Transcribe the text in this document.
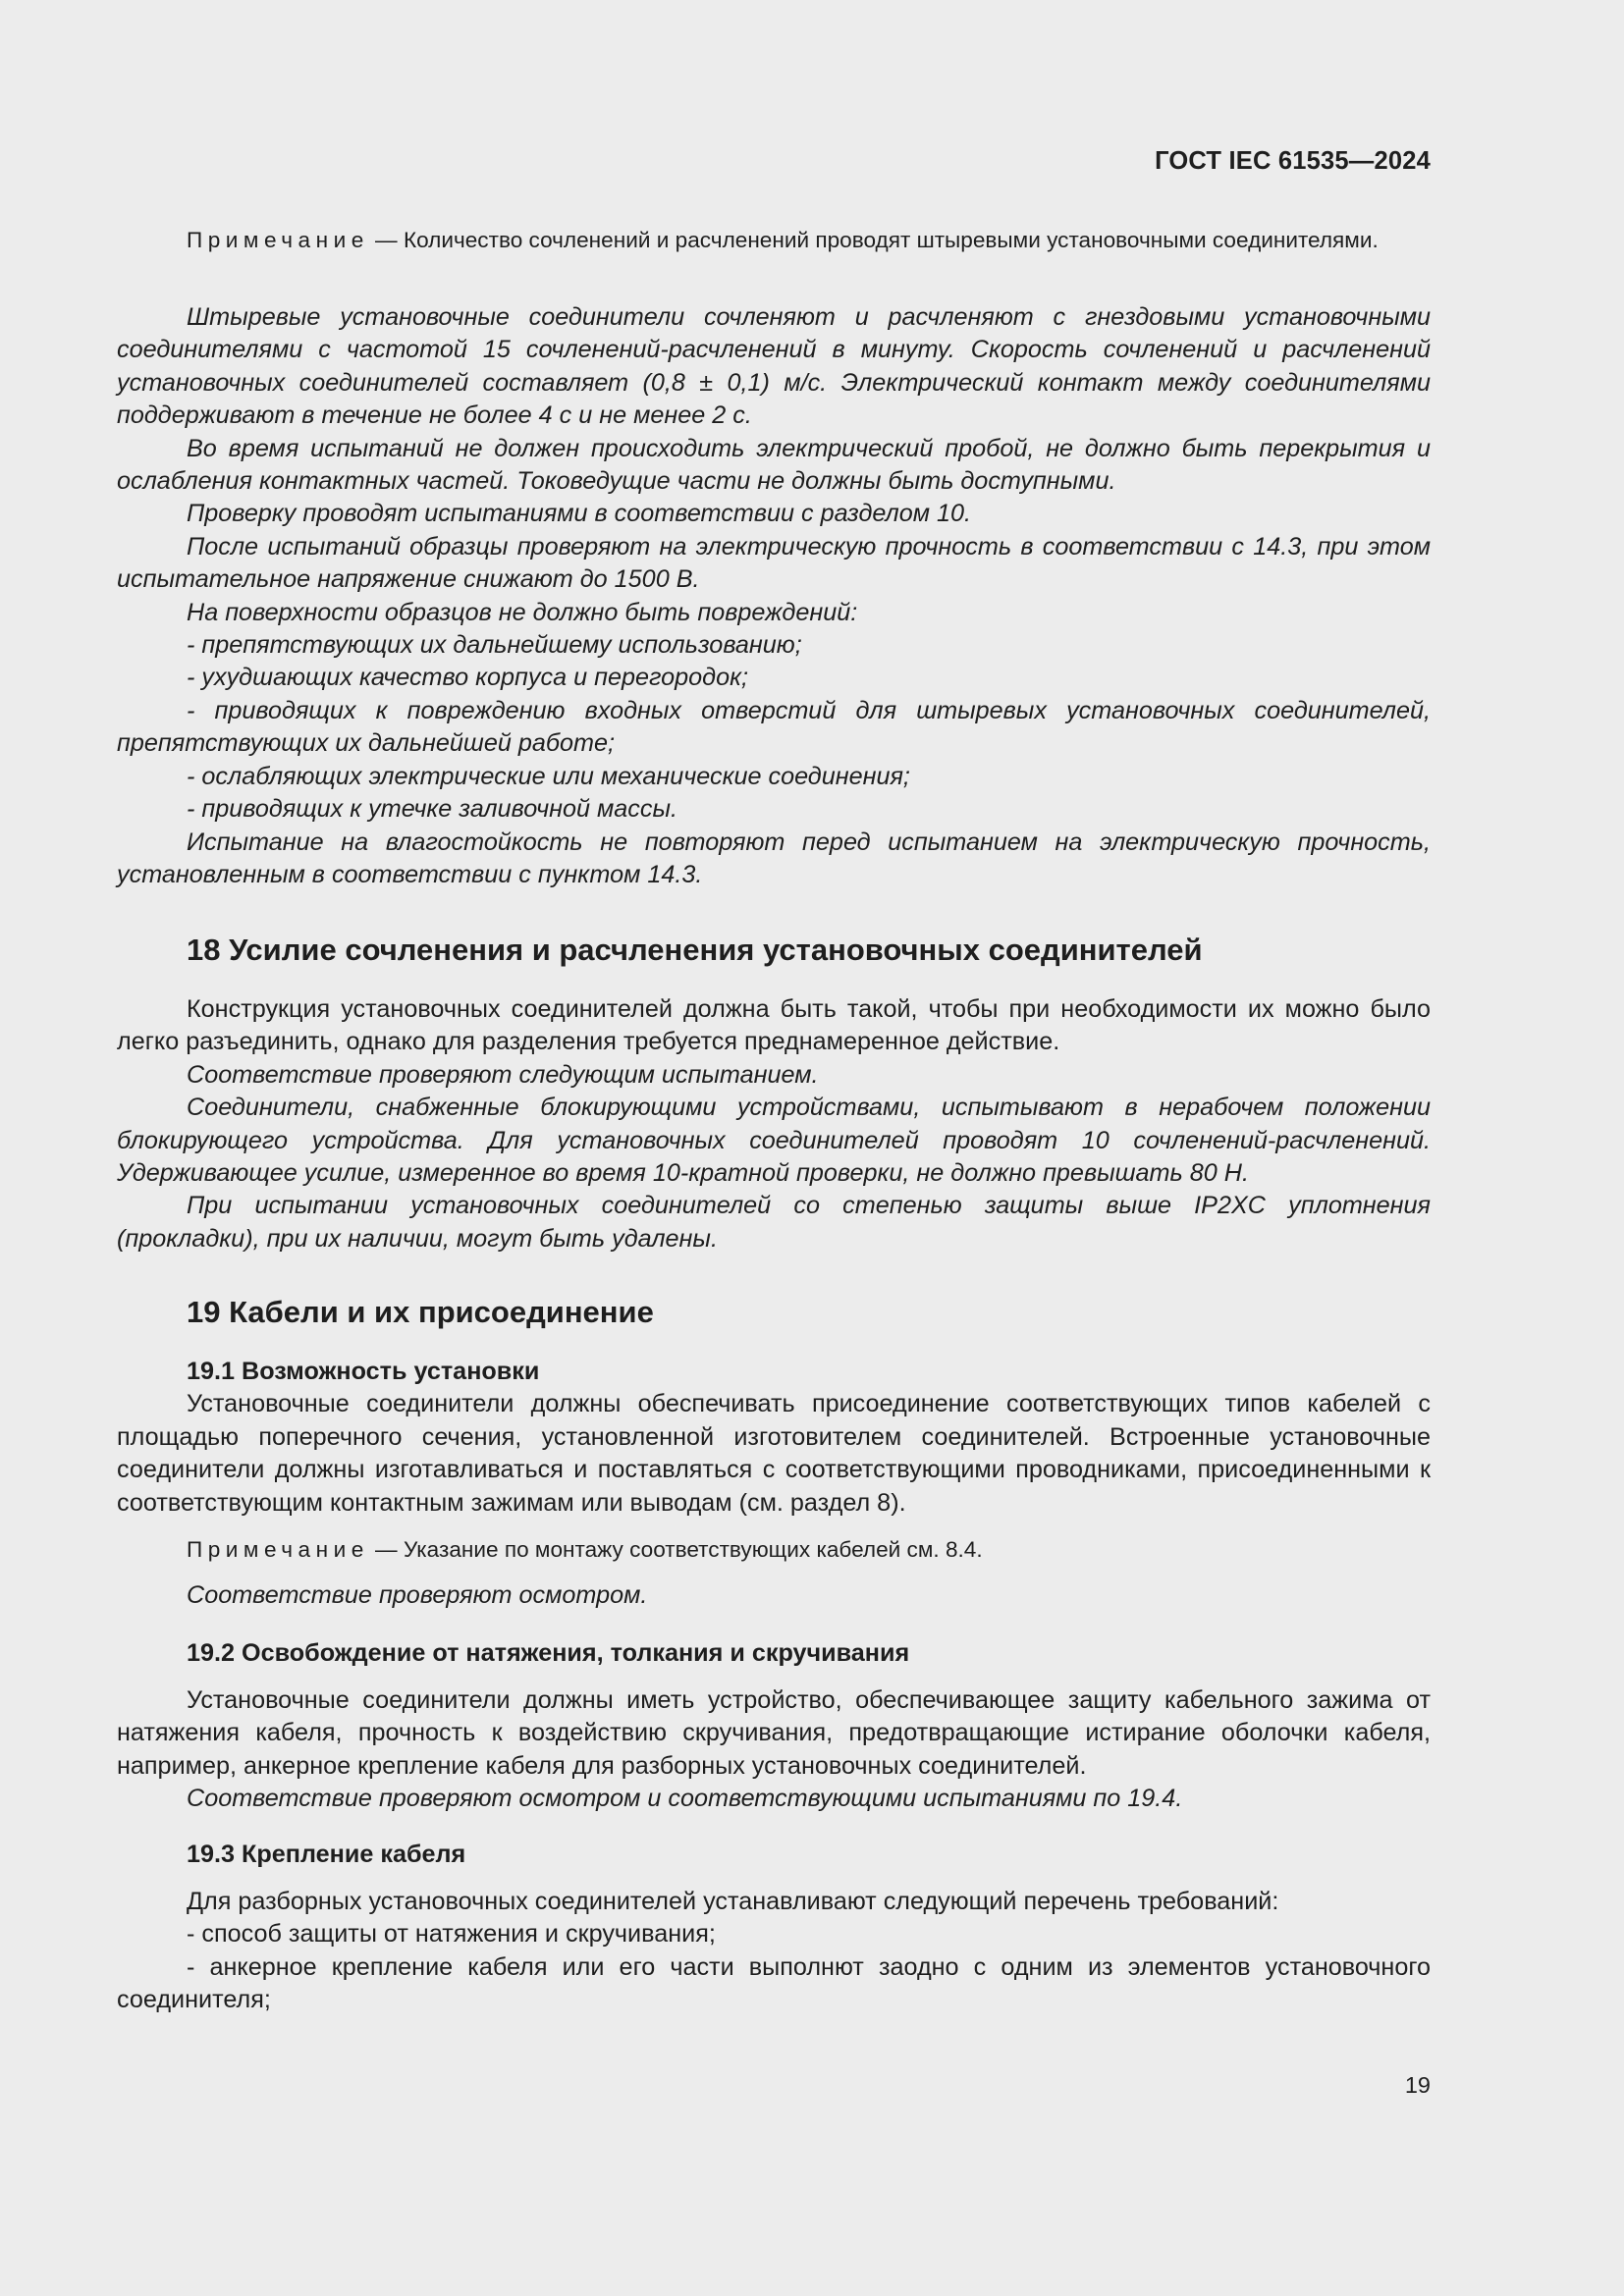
ГОСТ IEC 61535—2024

Примечание — Количество сочленений и расчленений проводят штыревыми установочными соединителями.

Штыревые установочные соединители сочленяют и расчленяют с гнездовыми установочными соединителями с частотой 15 сочленений-расчленений в минуту. Скорость сочленений и расчленений установочных соединителей составляет (0,8 ± 0,1) м/с. Электрический контакт между соединителями поддерживают в течение не более 4 с и не менее 2 с.

Во время испытаний не должен происходить электрический пробой, не должно быть перекрытия и ослабления контактных частей. Токоведущие части не должны быть доступными.

Проверку проводят испытаниями в соответствии с разделом 10.

После испытаний образцы проверяют на электрическую прочность в соответствии с 14.3, при этом испытательное напряжение снижают до 1500 В.

На поверхности образцов не должно быть повреждений:

- препятствующих их дальнейшему использованию;

- ухудшающих качество корпуса и перегородок;

- приводящих к повреждению входных отверстий для штыревых установочных соединителей, препятствующих их дальнейшей работе;

- ослабляющих электрические или механические соединения;

- приводящих к утечке заливочной массы.

Испытание на влагостойкость не повторяют перед испытанием на электрическую прочность, установленным в соответствии с пунктом 14.3.

18 Усилие сочленения и расчленения установочных соединителей

Конструкция установочных соединителей должна быть такой, чтобы при необходимости их можно было легко разъединить, однако для разделения требуется преднамеренное действие.

Соответствие проверяют следующим испытанием.

Соединители, снабженные блокирующими устройствами, испытывают в нерабочем положении блокирующего устройства. Для установочных соединителей проводят 10 сочленений-расчленений. Удерживающее усилие, измеренное во время 10-кратной проверки, не должно превышать 80 Н.

При испытании установочных соединителей со степенью защиты выше IP2XC уплотнения (прокладки), при их наличии, могут быть удалены.

19 Кабели и их присоединение
19.1 Возможность установки

Установочные соединители должны обеспечивать присоединение соответствующих типов кабелей с площадью поперечного сечения, установленной изготовителем соединителей. Встроенные установочные соединители должны изготавливаться и поставляться с соответствующими проводниками, присоединенными к соответствующим контактным зажимам или выводам (см. раздел 8).

Примечание — Указание по монтажу соответствующих кабелей см. 8.4.

Соответствие проверяют осмотром.

19.2 Освобождение от натяжения, толкания и скручивания

Установочные соединители должны иметь устройство, обеспечивающее защиту кабельного зажима от натяжения кабеля, прочность к воздействию скручивания, предотвращающие истирание оболочки кабеля, например, анкерное крепление кабеля для разборных установочных соединителей.

Соответствие проверяют осмотром и соответствующими испытаниями по 19.4.

19.3 Крепление кабеля

Для разборных установочных соединителей устанавливают следующий перечень требований:

- способ защиты от натяжения и скручивания;

- анкерное крепление кабеля или его части выполнют заодно с одним из элементов установочного соединителя;

19
